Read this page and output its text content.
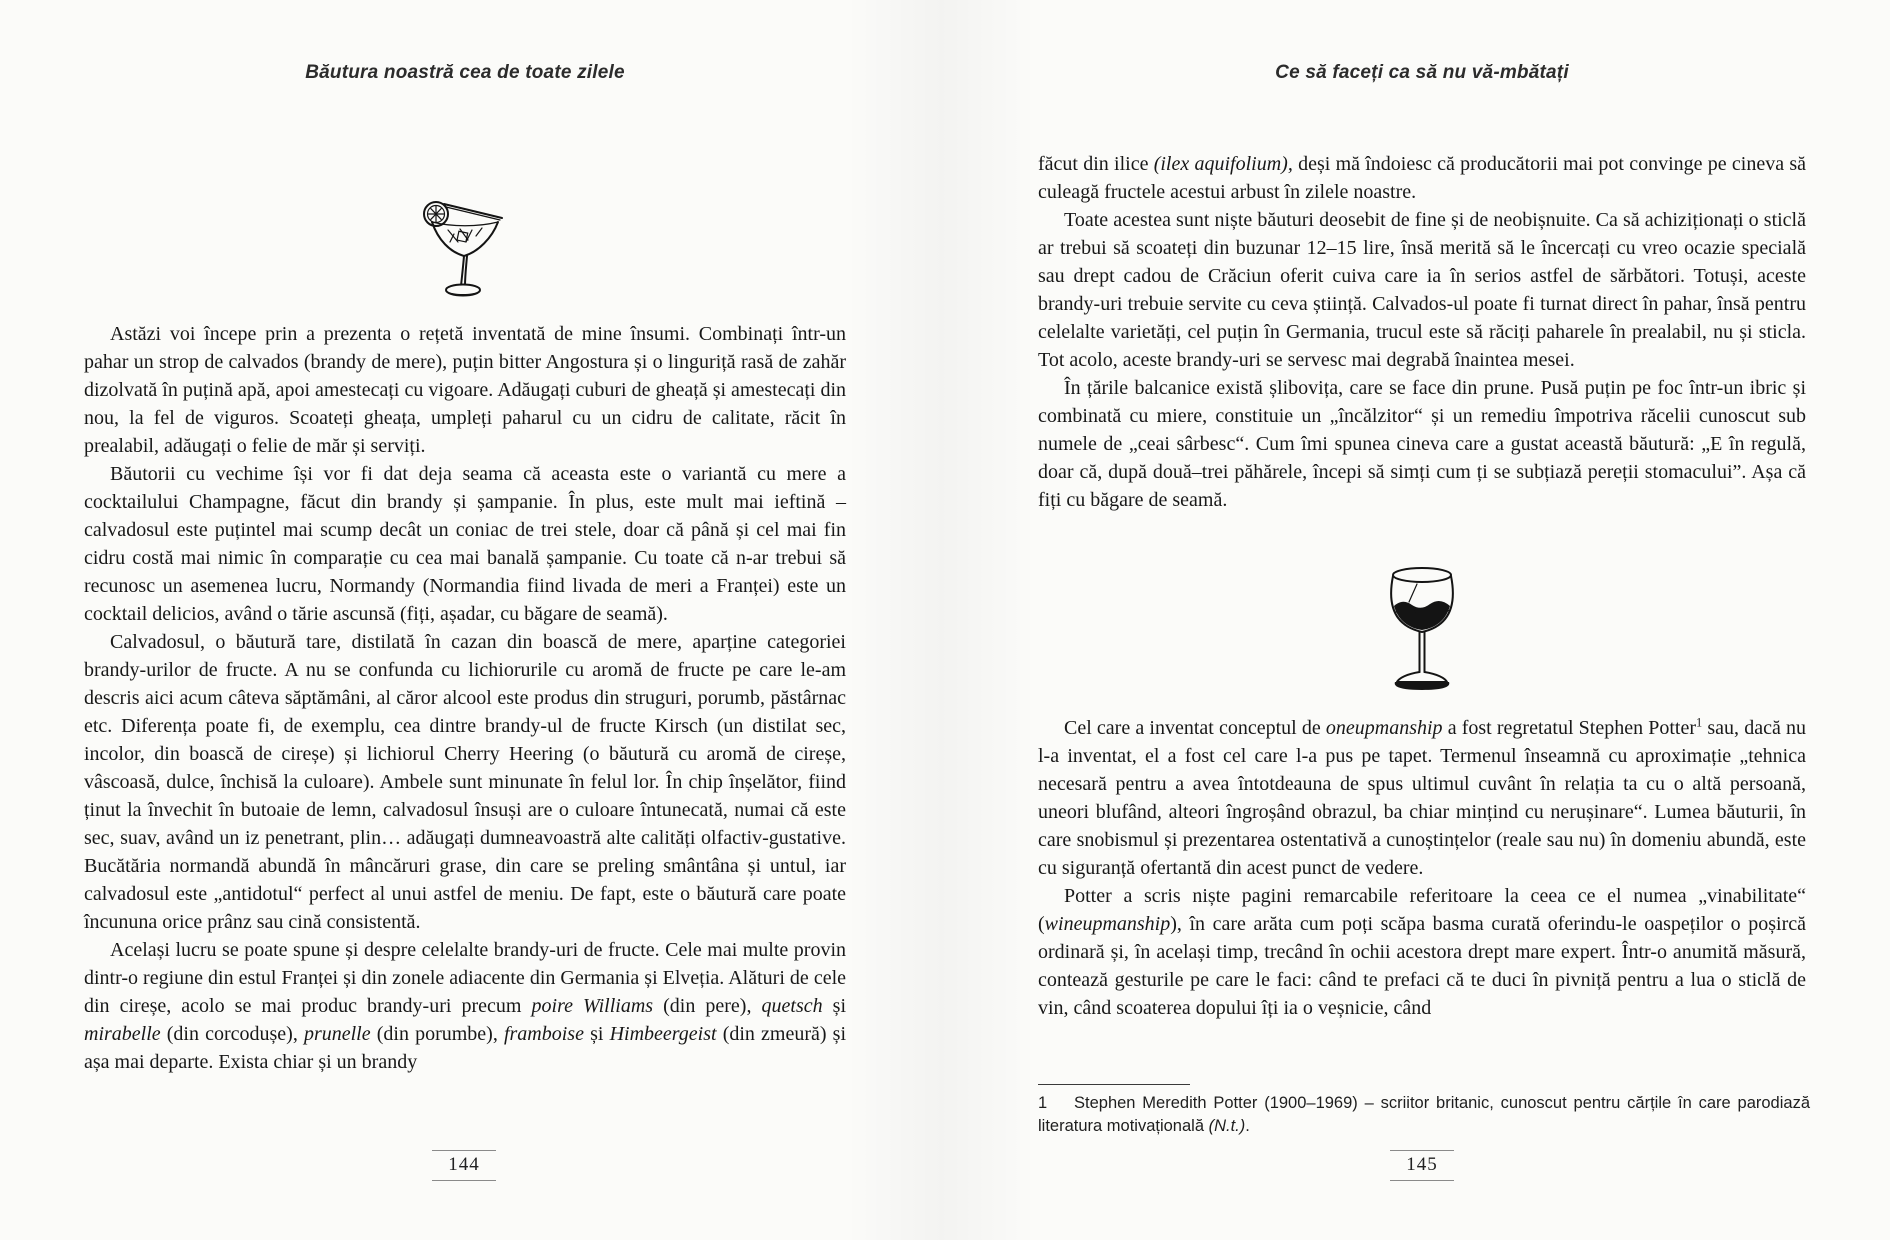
Băutura noastră cea de toate zilele	Ce să faceți ca să nu vă-mbătați

Astăzi voi începe prin a prezenta o rețetă inventată de mine însumi. Combinați într-un pahar un strop de calvados (brandy de mere), puțin bitter Angostura și o linguriță rasă de zahăr dizolvată în puțină apă, apoi amestecați cu vigoare. Adăugați cuburi de gheață și amestecați din nou, la fel de viguros. Scoateți gheața, umpleți paharul cu un cidru de calitate, răcit în prealabil, adăugați o felie de măr și serviți.

Băutorii cu vechime își vor fi dat deja seama că aceasta este o variantă cu mere a cocktailului Champagne, făcut din brandy și șampanie. În plus, este mult mai ieftină – calvadosul este puțintel mai scump decât un coniac de trei stele, doar că până și cel mai fin cidru costă mai nimic în comparație cu cea mai banală șampanie. Cu toate că n-ar trebui să recunosc un asemenea lucru, Normandy (Normandia fiind livada de meri a Franței) este un cocktail delicios, având o tărie ascunsă (fiți, așadar, cu băgare de seamă).

Calvadosul, o băutură tare, distilată în cazan din boască de mere, aparține categoriei brandy-urilor de fructe. A nu se confunda cu lichiorurile cu aromă de fructe pe care le-am descris aici acum câteva săptămâni, al căror alcool este produs din struguri, porumb, păstârnac etc. Diferența poate fi, de exemplu, cea dintre brandy-ul de fructe Kirsch (un distilat sec, incolor, din boască de cireșe) și lichiorul Cherry Heering (o băutură cu aromă de cireșe, vâscoasă, dulce, închisă la culoare). Ambele sunt minunate în felul lor. În chip înșelător, fiind ținut la învechit în butoaie de lemn, calvadosul însuși are o culoare întunecată, numai că este sec, suav, având un iz penetrant, plin… adăugați dumneavoastră alte calități olfactiv-gustative. Bucătăria normandă abundă în mâncăruri grase, din care se preling smântâna și untul, iar calvadosul este „antidotul“ perfect al unui astfel de meniu. De fapt, este o băutură care poate încununa orice prânz sau cină consistentă.

Același lucru se poate spune și despre celelalte brandy-uri de fructe. Cele mai multe provin dintr-o regiune din estul Franței și din zonele adiacente din Germania și Elveția. Alături de cele din cireșe, acolo se mai produc brandy-uri precum poire Williams (din pere), quetsch și mirabelle (din corcodușe), prunelle (din porumbe), framboise și Himbeergeist (din zmeură) și așa mai departe. Exista chiar și un brandy

făcut din ilice (ilex aquifolium), deși mă îndoiesc că producătorii mai pot convinge pe cineva să culeagă fructele acestui arbust în zilele noastre.

Toate acestea sunt niște băuturi deosebit de fine și de neobișnuite. Ca să achiziționați o sticlă ar trebui să scoateți din buzunar 12–15 lire, însă merită să le încercați cu vreo ocazie specială sau drept cadou de Crăciun oferit cuiva care ia în serios astfel de sărbători. Totuși, aceste brandy-uri trebuie servite cu ceva știință. Calvados-ul poate fi turnat direct în pahar, însă pentru celelalte varietăți, cel puțin în Germania, trucul este să răciți paharele în prealabil, nu și sticla. Tot acolo, aceste brandy-uri se servesc mai degrabă înaintea mesei.

În țările balcanice există șlibovița, care se face din prune. Pusă puțin pe foc într-un ibric și combinată cu miere, constituie un „încălzitor“ și un remediu împotriva răcelii cunoscut sub numele de „ceai sârbesc“. Cum îmi spunea cineva care a gustat această băutură: „E în regulă, doar că, după două–trei păhărele, începi să simți cum ți se subțiază pereții stomacului”. Așa că fiți cu băgare de seamă.

Cel care a inventat conceptul de oneupmanship a fost regretatul Stephen Potter$^1$ sau, dacă nu l-a inventat, el a fost cel care l-a pus pe tapet. Termenul înseamnă cu aproximație „tehnica necesară pentru a avea întotdeauna de spus ultimul cuvânt în relația ta cu o altă persoană, uneori blufând, alteori îngroșând obrazul, ba chiar mințind cu nerușinare“. Lumea băuturii, în care snobismul și prezentarea ostentativă a cunoștințelor (reale sau nu) în domeniu abundă, este cu siguranță ofertantă din acest punct de vedere.

Potter a scris niște pagini remarcabile referitoare la ceea ce el numea „vinabilitate“ (wineupmanship), în care arăta cum poți scăpa basma curată oferindu-le oaspeților o poșircă ordinară și, în același timp, trecând în ochii acestora drept mare expert. Într-o anumită măsură, contează gesturile pe care le faci: când te prefaci că te duci în pivniță pentru a lua o sticlă de vin, când scoaterea dopului îți ia o veșnicie, când

1 Stephen Meredith Potter (1900–1969) – scriitor britanic, cunoscut pentru cărțile în care parodiază literatura motivațională (N.t.).
144	145
